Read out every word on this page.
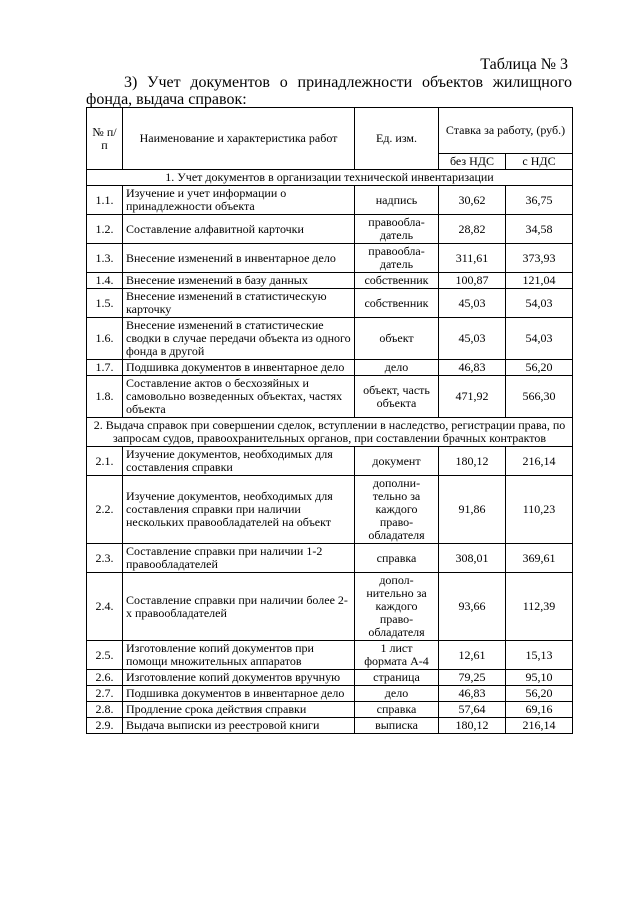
Таблица № 3
3) Учет документов о принадлежности объектов жилищного фонда, выдача справок:
№ п/п	Наименование и характеристика работ	Ед. изм.	Ставка за работу, (руб.)	
			без НДС	с НДС
1. Учет документов в организации технической инвентаризации				
1.1.	Изучение и учет информации о принадлежности объекта	надпись	30,62	36,75
1.2.	Составление алфавитной карточки	правообла-датель	28,82	34,58
1.3.	Внесение изменений в инвентарное дело	правообла-датель	311,61	373,93
1.4.	Внесение изменений в базу данных	собственник	100,87	121,04
1.5.	Внесение изменений в статистическую карточку	собственник	45,03	54,03
1.6.	Внесение изменений в статистические сводки в случае передачи объекта из одного фонда в другой	объект	45,03	54,03
1.7.	Подшивка документов в инвентарное дело	дело	46,83	56,20
1.8.	Составление актов о бесхозяйных и самовольно возведенных объектах, частях объекта	объект, часть объекта	471,92	566,30
2. Выдача справок при совершении сделок, вступлении в наследство, регистрации права, по запросам судов, правоохранительных органов, при составлении брачных контрактов				
2.1.	Изучение документов, необходимых для составления справки	документ	180,12	216,14
2.2.	Изучение документов, необходимых для составления справки при наличии нескольких правообладателей на объект	дополни-тельно за каждого право-обладателя	91,86	110,23
2.3.	Составление справки при наличии 1-2 правообладателей	справка	308,01	369,61
2.4.	Составление справки при наличии более 2-х правообладателей	допол-нительно за каждого право-обладателя	93,66	112,39
2.5.	Изготовление копий документов при помощи множительных аппаратов	1 лист формата А-4	12,61	15,13
2.6.	Изготовление копий документов вручную	страница	79,25	95,10
2.7.	Подшивка документов в инвентарное дело	дело	46,83	56,20
2.8.	Продление срока действия справки	справка	57,64	69,16
2.9.	Выдача выписки из реестровой книги	выписка	180,12	216,14
